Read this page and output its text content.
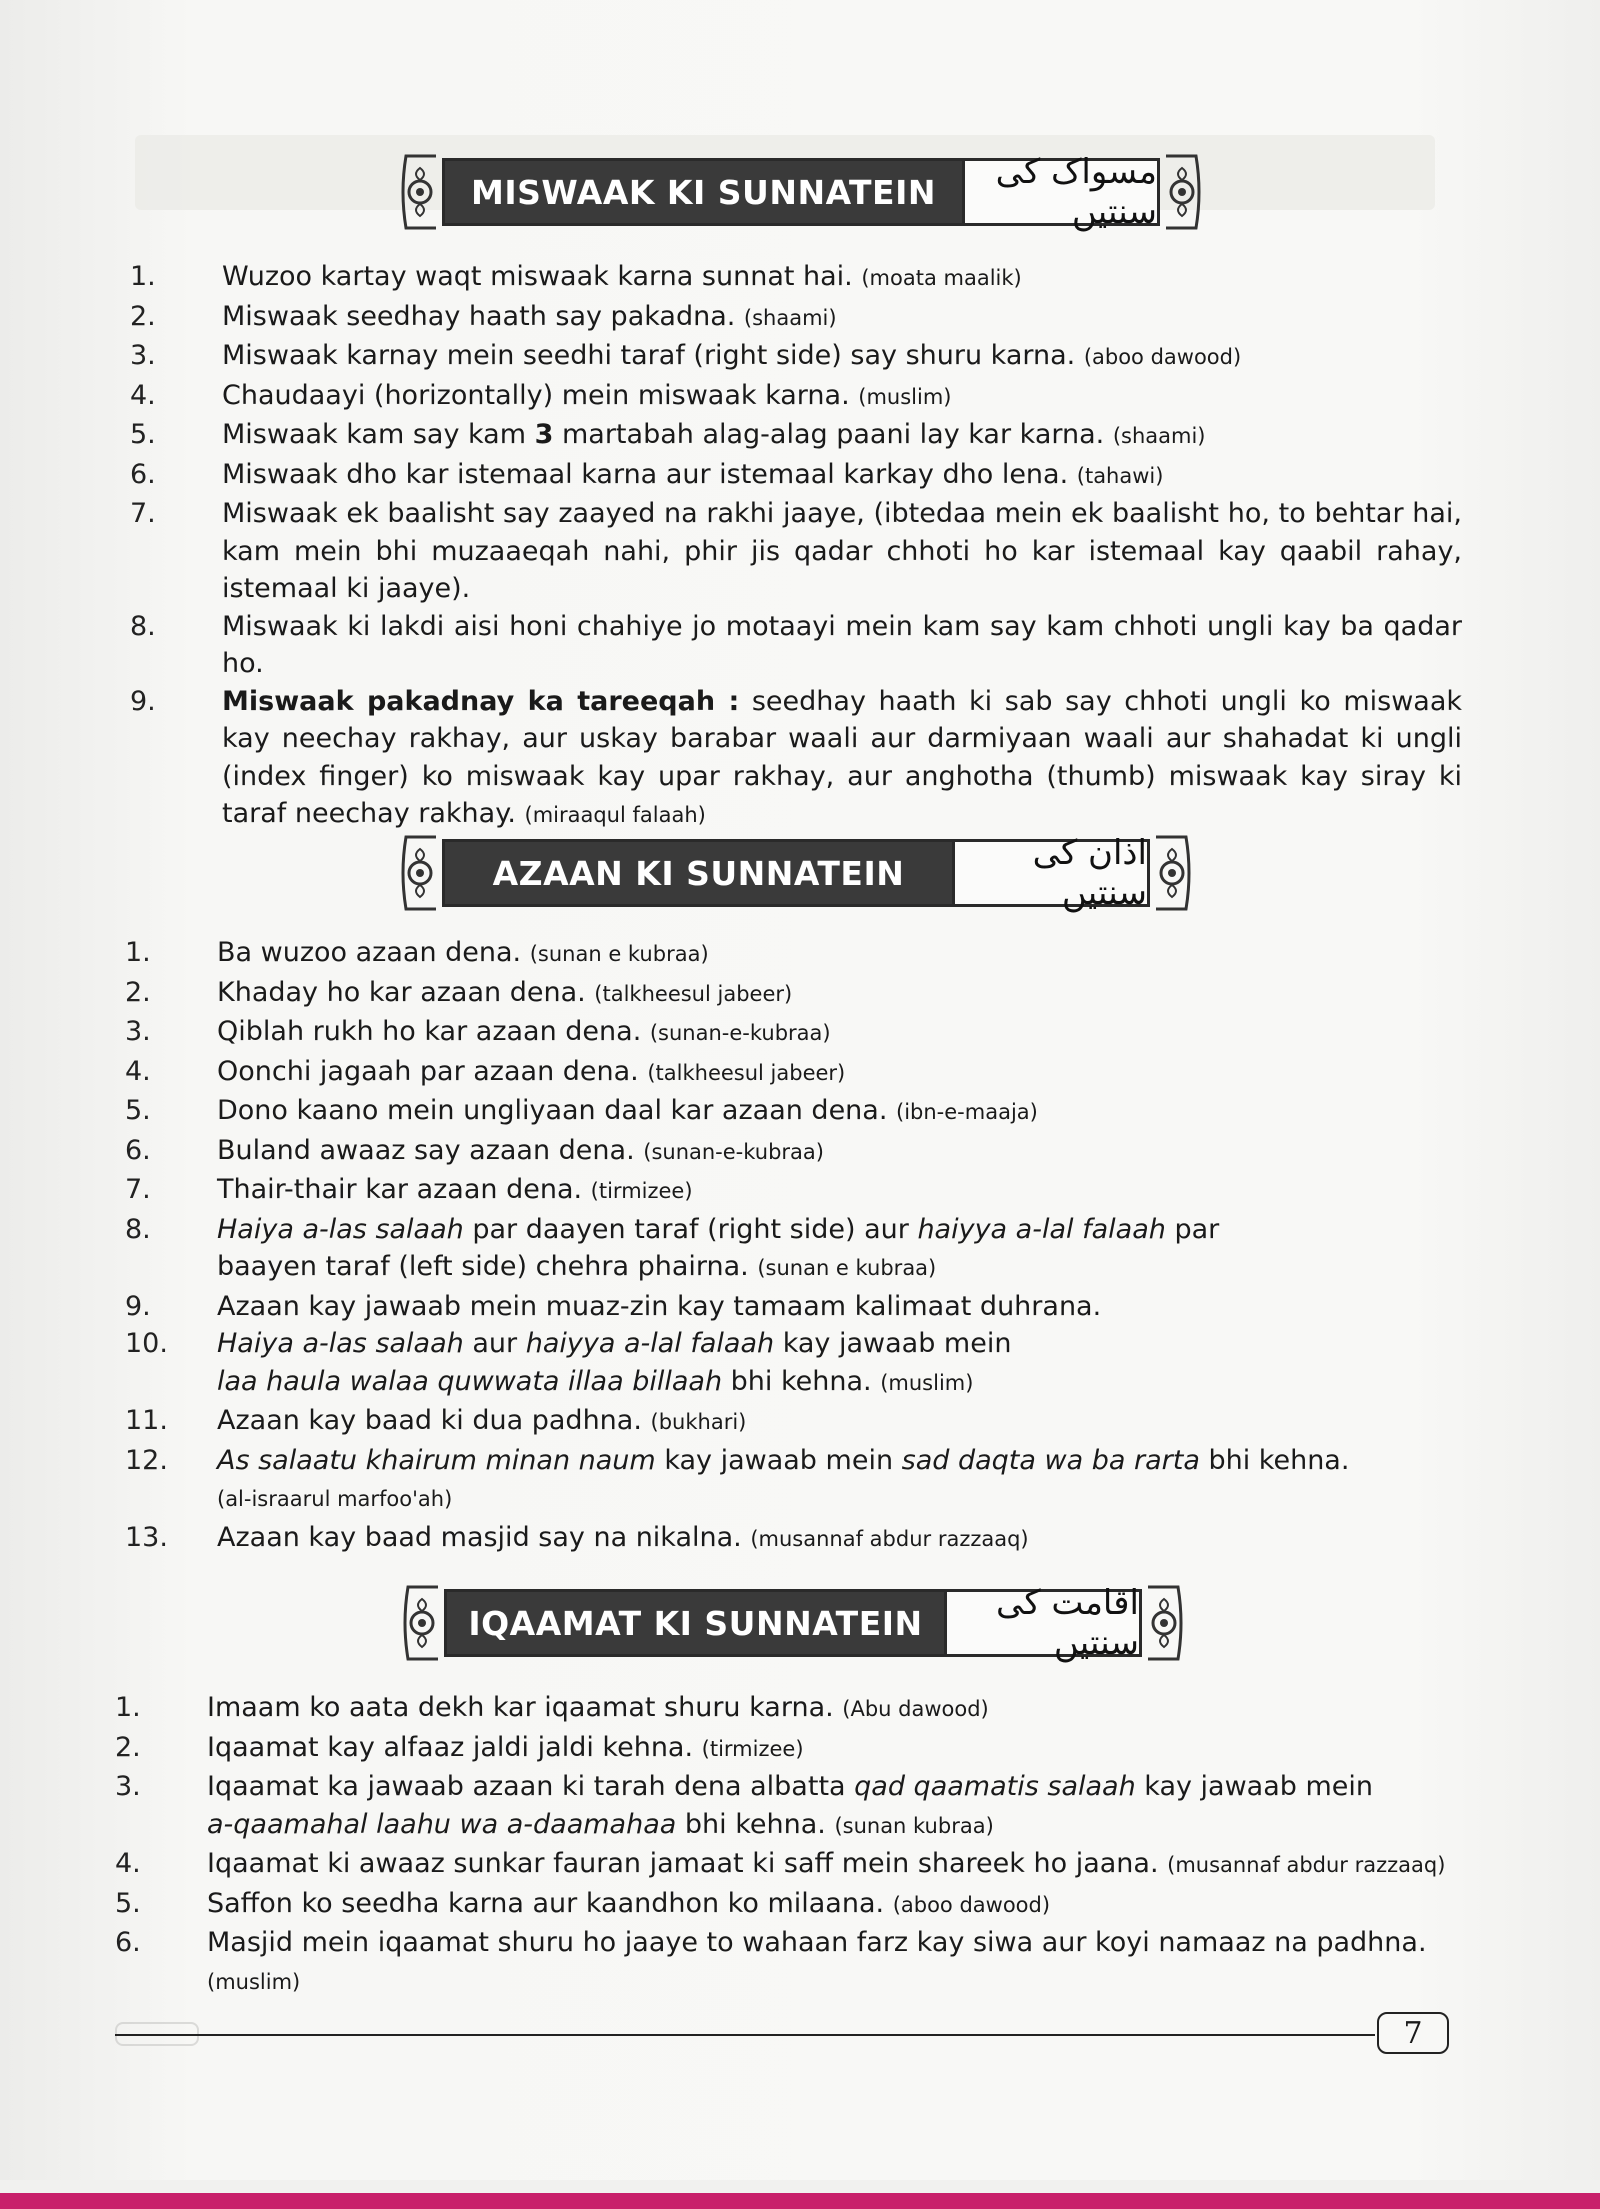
MISWAAK KI SUNNATEIN	مسواک کی سنتیں
1.	Wuzoo kartay waqt miswaak karna sunnat hai. (moata maalik)
2.	Miswaak seedhay haath say pakadna. (shaami)
3.	Miswaak karnay mein seedhi taraf (right side) say shuru karna. (aboo dawood)
4.	Chaudaayi (horizontally) mein miswaak karna. (muslim)
5.	Miswaak kam say kam 3 martabah alag-alag paani lay kar karna. (shaami)
6.	Miswaak dho kar istemaal karna aur istemaal karkay dho lena. (tahawi)
7.	Miswaak ek baalisht say zaayed na rakhi jaaye, (ibtedaa mein ek baalisht ho, to behtar hai, kam mein bhi muzaaeqah nahi, phir jis qadar chhoti ho kar istemaal kay qaabil rahay, istemaal ki jaaye).
8.	Miswaak ki lakdi aisi honi chahiye jo motaayi mein kam say kam chhoti ungli kay ba qadar ho.
9.	Miswaak pakadnay ka tareeqah : seedhay haath ki sab say chhoti ungli ko miswaak kay neechay rakhay, aur uskay barabar waali aur darmiyaan waali aur shahadat ki ungli (index finger) ko miswaak kay upar rakhay, aur anghotha (thumb) miswaak kay siray ki taraf neechay rakhay. (miraaqul falaah)
AZAAN KI SUNNATEIN	اذان کی سنتیں
1.	Ba wuzoo azaan dena. (sunan e kubraa)
2.	Khaday ho kar azaan dena. (talkheesul jabeer)
3.	Qiblah rukh ho kar azaan dena. (sunan-e-kubraa)
4.	Oonchi jagaah par azaan dena. (talkheesul jabeer)
5.	Dono kaano mein ungliyaan daal kar azaan dena. (ibn-e-maaja)
6.	Buland awaaz say azaan dena. (sunan-e-kubraa)
7.	Thair-thair kar azaan dena. (tirmizee)
8.	Haiya a-las salaah par daayen taraf (right side) aur haiyya a-lal falaah par
baayen taraf (left side) chehra phairna. (sunan e kubraa)
9.	Azaan kay jawaab mein muaz-zin kay tamaam kalimaat duhrana.
10.	Haiya a-las salaah aur haiyya a-lal falaah kay jawaab mein
laa haula walaa quwwata illaa billaah bhi kehna. (muslim)
11.	Azaan kay baad ki dua padhna. (bukhari)
12.	As salaatu khairum minan naum kay jawaab mein sad daqta wa ba rarta bhi kehna.
(al-israarul marfoo'ah)
13.	Azaan kay baad masjid say na nikalna. (musannaf abdur razzaaq)
IQAAMAT KI SUNNATEIN	اقامت کی سنتیں
1.	Imaam ko aata dekh kar iqaamat shuru karna. (Abu dawood)
2.	Iqaamat kay alfaaz jaldi jaldi kehna. (tirmizee)
3.	Iqaamat ka jawaab azaan ki tarah dena albatta qad qaamatis salaah kay jawaab mein
a-qaamahal laahu wa a-daamahaa bhi kehna. (sunan kubraa)
4.	Iqaamat ki awaaz sunkar fauran jamaat ki saff mein shareek ho jaana. (musannaf abdur razzaaq)
5.	Saffon ko seedha karna aur kaandhon ko milaana. (aboo dawood)
6.	Masjid mein iqaamat shuru ho jaaye to wahaan farz kay siwa aur koyi namaaz na padhna.
(muslim)
7
